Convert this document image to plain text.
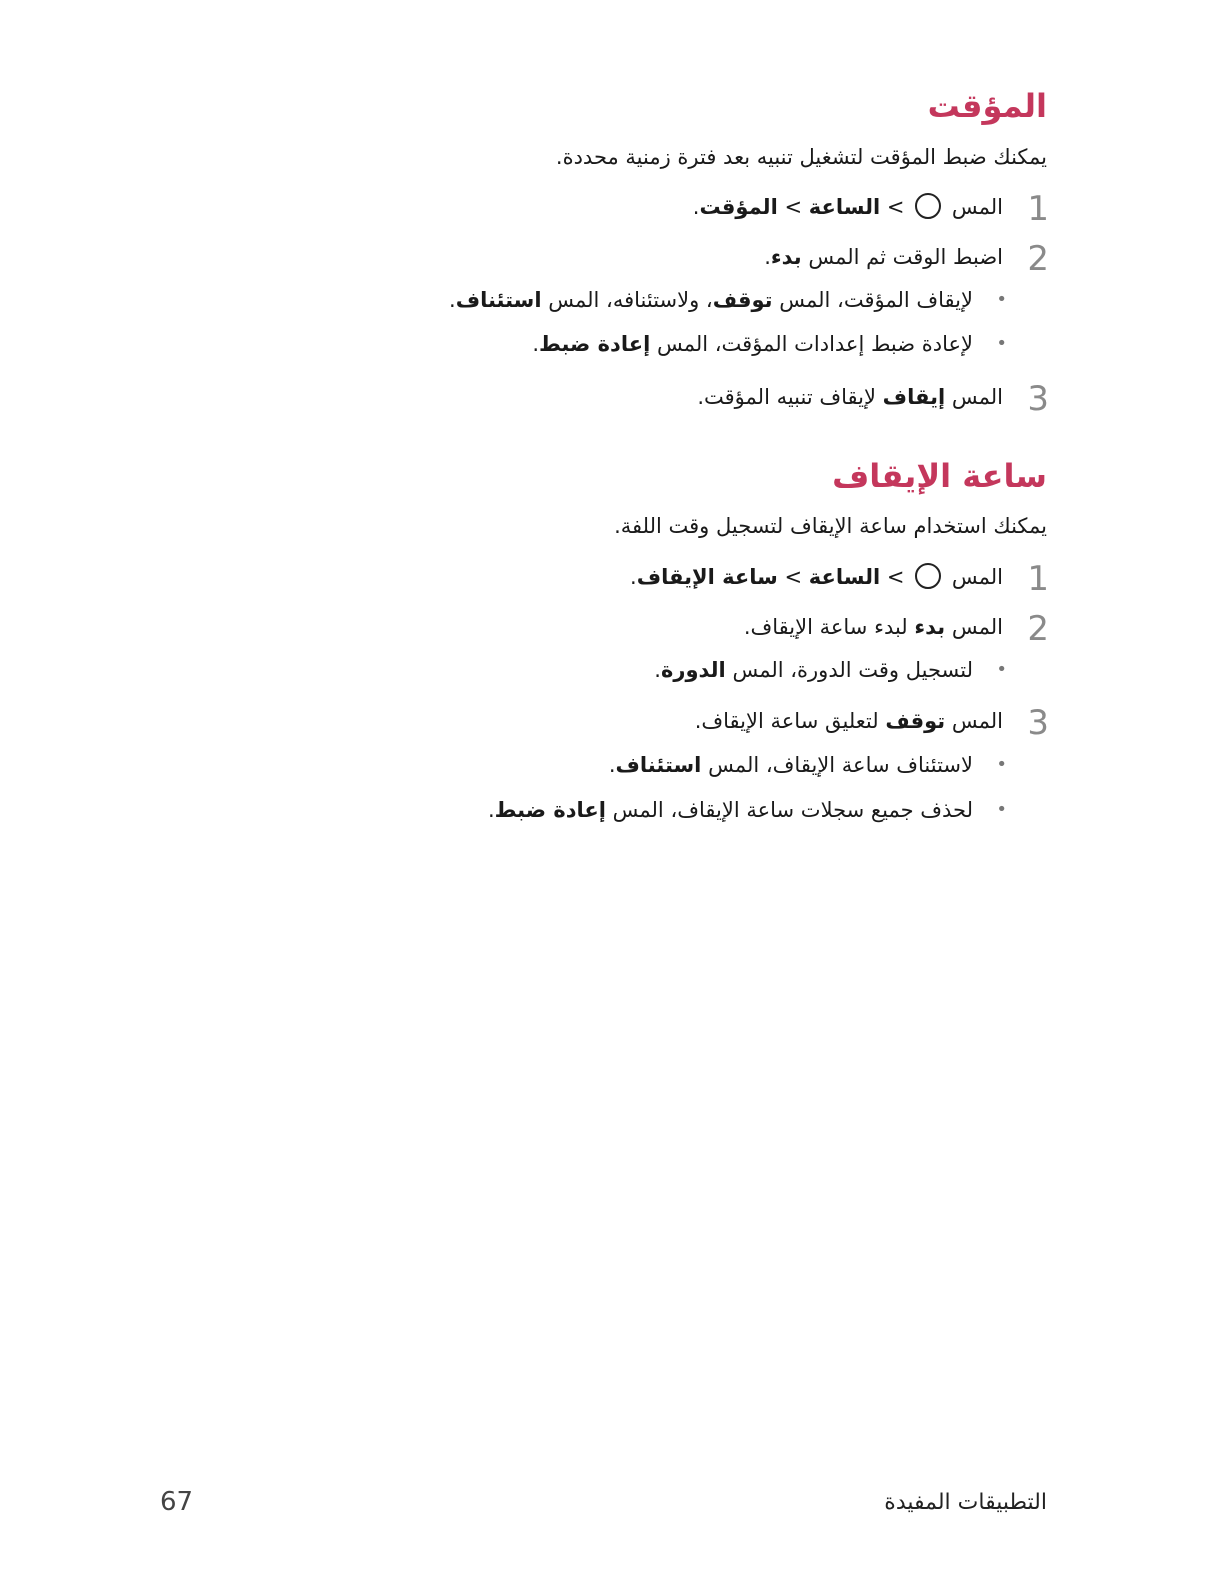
المؤقت

يمكنك ضبط المؤقت لتشغيل تنبيه بعد فترة زمنية محددة.

1
المس  > الساعة > المؤقت.
2
اضبط الوقت ثم المس بدء.
•
لإيقاف المؤقت، المس توقف، ولاستئنافه، المس استئناف.
•
لإعادة ضبط إعدادات المؤقت، المس إعادة ضبط.
3
المس إيقاف لإيقاف تنبيه المؤقت.
ساعة الإيقاف

يمكنك استخدام ساعة الإيقاف لتسجيل وقت اللفة.

1
المس  > الساعة > ساعة الإيقاف.
2
المس بدء لبدء ساعة الإيقاف.
•
لتسجيل وقت الدورة، المس الدورة.
3
المس توقف لتعليق ساعة الإيقاف.
•
لاستئناف ساعة الإيقاف، المس استئناف.
•
لحذف جميع سجلات ساعة الإيقاف، المس إعادة ضبط.
التطبيقات المفيدة
67
